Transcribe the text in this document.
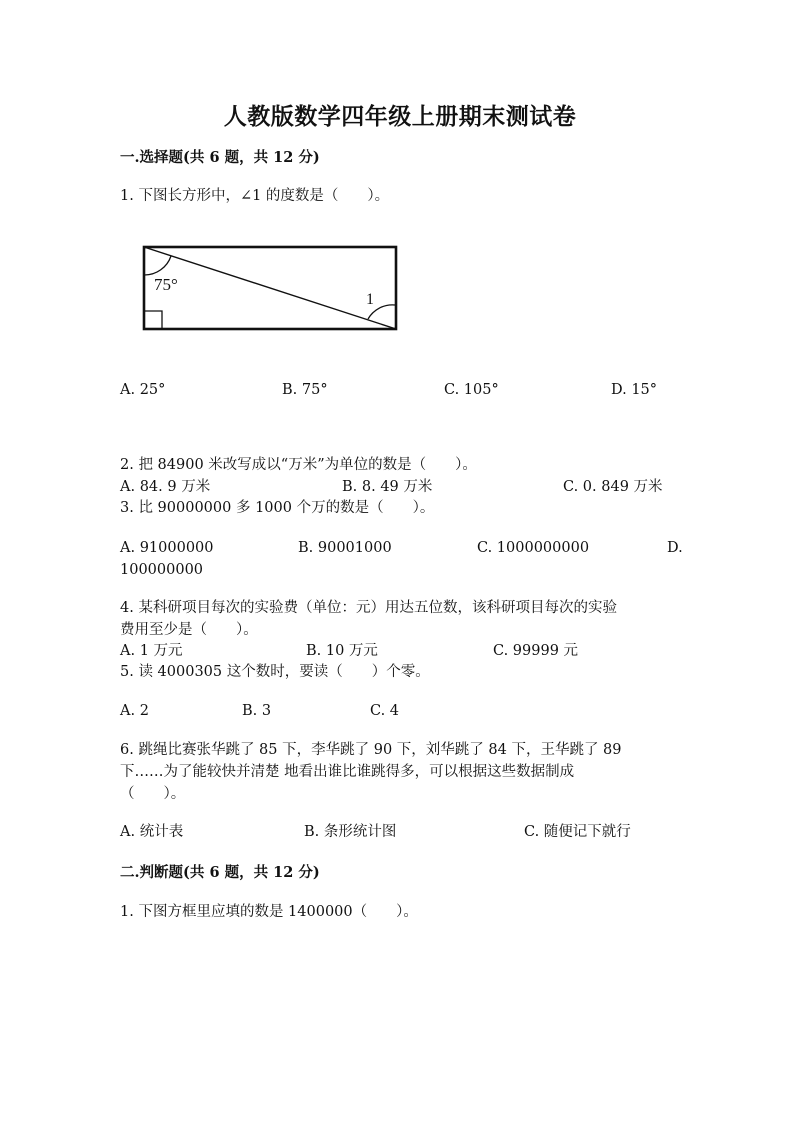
人教版数学四年级上册期末测试卷
一.选择题(共 6 题，共 12 分)
1. 下图长方形中，∠1 的度数是（　　）。
75°
1
A. 25°	B. 75°	C. 105°	D. 15°
2. 把 84900 米改写成以“万米”为单位的数是（　　）。
A. 84. 9 万米	B. 8. 49 万米	C. 0. 849 万米
3. 比 90000000 多 1000 个万的数是（　　）。
A. 91000000	B. 90001000	C. 1000000000	D.
100000000
4. 某科研项目每次的实验费（单位：元）用达五位数，该科研项目每次的实验
费用至少是（　　）。
A. 1 万元	B. 10 万元	C. 99999 元
5. 读 4000305 这个数时，要读（　　）个零。
A. 2	B. 3	C. 4
6. 跳绳比赛张华跳了 85 下，李华跳了 90 下，刘华跳了 84 下，王华跳了 89
下……为了能较快并清楚 地看出谁比谁跳得多，可以根据这些数据制成
（　　）。
A. 统计表	B. 条形统计图	C. 随便记下就行
二.判断题(共 6 题，共 12 分)
1. 下图方框里应填的数是 1400000（　　）。
